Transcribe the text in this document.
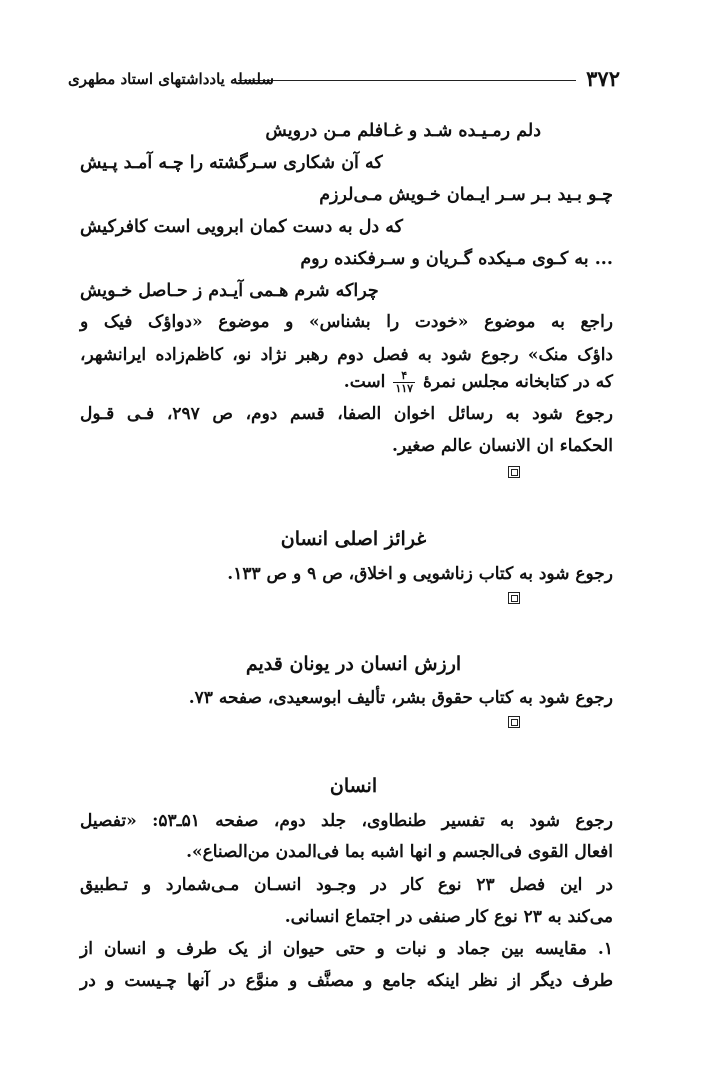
۳۷۲
سلسله یادداشتهای استاد مطهری
دلم رمـیـده شـد و غـافلم مـن درویش
که آن شکاری سـرگشته را چـه آمـد پـیش
چـو بـید بـر سـر ایـمان خـویش مـی‌لرزم
که دل به دست کمان ابرویی است کافرکیش
... به کـوی مـیکده گـریان و سـرفکنده روم
چراکه شرم هـمی آیـدم ز حـاصل خـویش
راجع به موضوع «خودت را بشناس» و موضوع «دواؤک فیک و
داؤک منک» رجوع شود به فصل دوم رهبر نژاد نو، کاظم‌زاده ایرانشهر،
که در کتابخانه مجلس نمرهٔ
$\frac{۴}{۱۱۷}$
است.
رجوع شود به رسائل اخوان الصفا، قسم دوم، ص ۲۹۷، فـی قـول
الحکماء ان الانسان عالم صغیر.
غرائز اصلی انسان
رجوع شود به کتاب زناشویی و اخلاق، ص ۹ و ص ۱۳۳.
ارزش انسان در یونان قدیم
رجوع شود به کتاب حقوق بشر، تألیف ابوسعیدی، صفحه ۷۳.
انسان
رجوع شود به تفسیر طنطاوی، جلد دوم، صفحه ۵۱ـ۵۳: «تفصیل
افعال القوی فی‌الجسم و انها اشبه بما فی‌المدن من‌الصناع».
در این فصل ۲۳ نوع کار در وجـود انسـان مـی‌شمارد و تـطبیق
می‌کند به ۲۳ نوع کار صنفی در اجتماع انسانی.
۱. مقایسه بین جماد و نبات و حتی حیوان از یک طرف و انسان از
طرف دیگر از نظر اینکه جامع و مصنَّف و منوَّع در آنها چـیست و در
